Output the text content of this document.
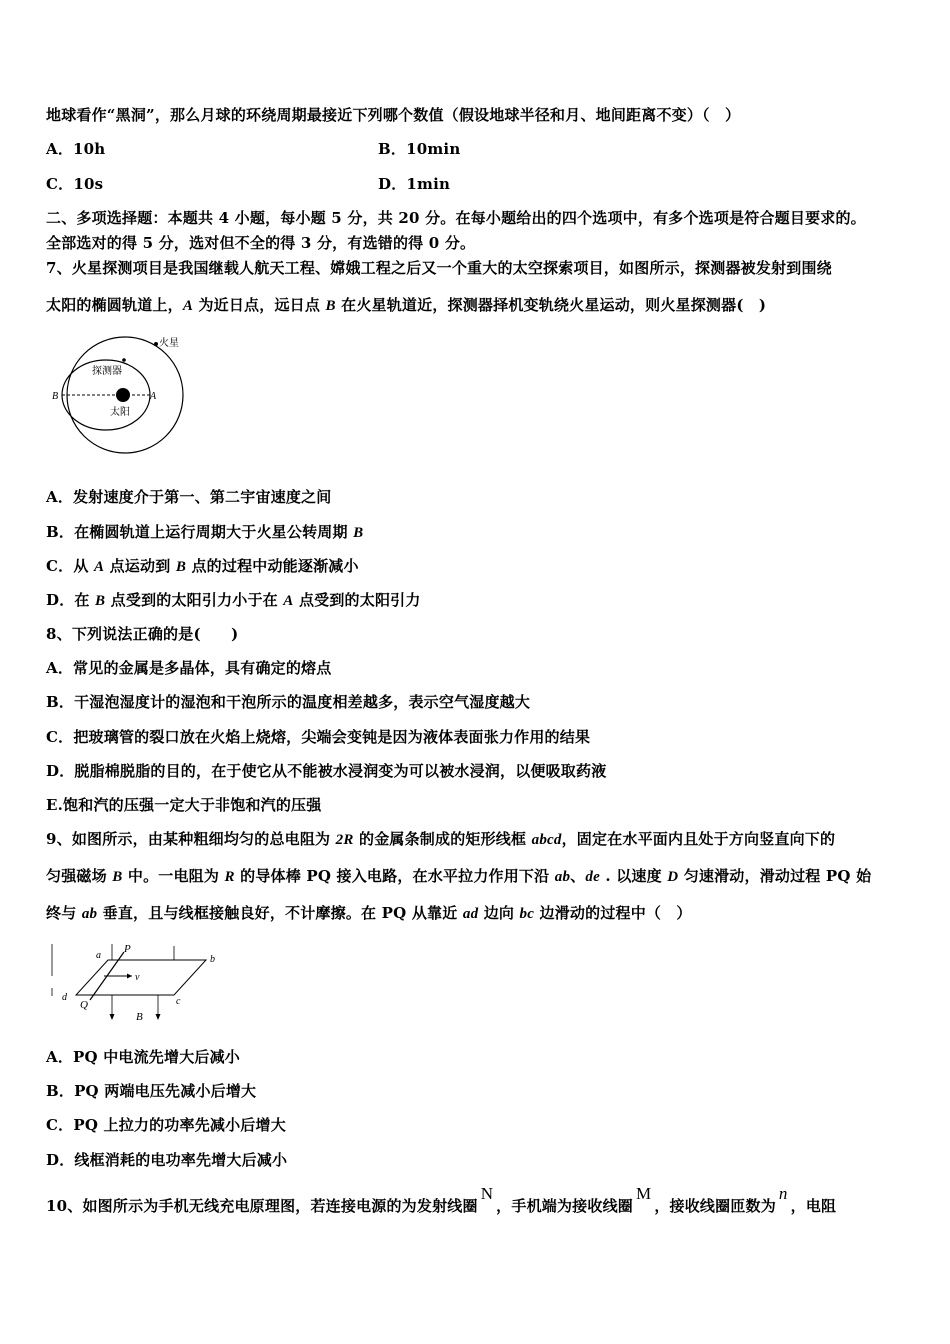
地球看作“黑洞”，那么月球的环绕周期最接近下列哪个数值（假设地球半径和月、地间距离不变）（　）
A．10h	B．10min
C．10s	D．1min
二、多项选择题：本题共 4 小题，每小题 5 分，共 20 分。在每小题给出的四个选项中，有多个选项是符合题目要求的。
全部选对的得 5 分，选对但不全的得 3 分，有选错的得 0 分。
7、火星探测项目是我国继载人航天工程、嫦娥工程之后又一个重大的太空探索项目，如图所示，探测器被发射到围绕
太阳的椭圆轨道上，A 为近日点，远日点 B 在火星轨道近，探测器择机变轨绕火星运动，则火星探测器(　)
火星
探测器
太阳
A
B
A．发射速度介于第一、第二宇宙速度之间
B．在椭圆轨道上运行周期大于火星公转周期 B
C．从 A 点运动到 B 点的过程中动能逐渐减小
D．在 B 点受到的太阳引力小于在 A 点受到的太阳引力
8、下列说法正确的是(　　)
A．常见的金属是多晶体，具有确定的熔点
B．干湿泡湿度计的湿泡和干泡所示的温度相差越多，表示空气湿度越大
C．把玻璃管的裂口放在火焰上烧熔，尖端会变钝是因为液体表面张力作用的结果
D．脱脂棉脱脂的目的，在于使它从不能被水浸润变为可以被水浸润，以便吸取药液
E.饱和汽的压强一定大于非饱和汽的压强
9、如图所示，由某种粗细均匀的总电阻为 2R 的金属条制成的矩形线框 abcd，固定在水平面内且处于方向竖直向下的
匀强磁场 B 中。一电阻为 R 的导体棒 PQ 接入电路，在水平拉力作用下沿 ab、de . 以速度 D 匀速滑动，滑动过程 PQ 始
终与 ab 垂直，且与线框接触良好，不计摩擦。在 PQ 从靠近 ad 边向 bc 边滑动的过程中（　）
a
P
b
v
d
Q	c
B
A．PQ 中电流先增大后减小
B．PQ 两端电压先减小后增大
C．PQ 上拉力的功率先减小后增大
D．线框消耗的电功率先增大后减小
10、如图所示为手机无线充电原理图，若连接电源的为发射线圈N，手机端为接收线圈M，接收线圈匝数为n，电阻
